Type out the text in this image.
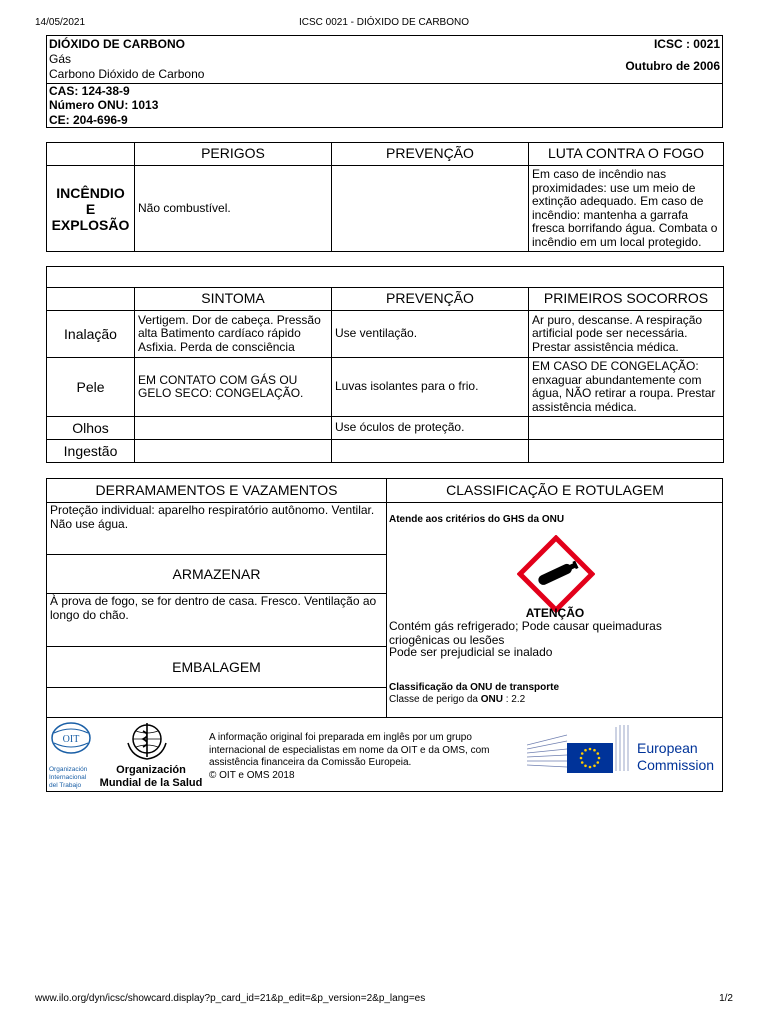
14/05/2021	ICSC 0021 - DIÓXIDO DE CARBONO
DIÓXIDO DE CARBONO
Gás
Carbono Dióxido de Carbono
ICSC : 0021
Outubro de 2006
CAS: 124-38-9
Número ONU: 1013
CE: 204-696-9
	PERIGOS	PREVENÇÃO	LUTA CONTRA O FOGO
INCÊNDIO E EXPLOSÃO	Não combustível.		Em caso de incêndio nas proximidades: use um meio de extinção adequado. Em caso de incêndio: mantenha a garrafa fresca borrifando água. Combata o incêndio em um local protegido.

	SINTOMA	PREVENÇÃO	PRIMEIROS SOCORROS
Inalação	Vertigem. Dor de cabeça. Pressão alta Batimento cardíaco rápido Asfixia. Perda de consciência	Use ventilação.	Ar puro, descanse. A respiração artificial pode ser necessária. Prestar assistência médica.
Pele	EM CONTATO COM GÁS OU GELO SECO: CONGELAÇÃO.	Luvas isolantes para o frio.	EM CASO DE CONGELAÇÃO: enxaguar abundantemente com água, NÃO retirar a roupa. Prestar assistência médica.
Olhos		Use óculos de proteção.	
Ingestão			
DERRAMAMENTOS E VAZAMENTOS
Proteção individual: aparelho respiratório autônomo. Ventilar. Não use água.
ARMAZENAR
À prova de fogo, se for dentro de casa. Fresco. Ventilação ao longo do chão.
EMBALAGEM
CLASSIFICAÇÃO E ROTULAGEM
Atende aos critérios do GHS da ONU
ATENÇÃO
Contém gás refrigerado; Pode causar queimaduras criogênicas ou lesões
Pode ser prejudicial se inalado
Classificação da ONU de transporte
Classe de perigo da ONU : 2.2
OIT
Organización
Internacional
del Trabajo
Organización
Mundial de la Salud
A informação original foi preparada em inglês por um grupo internacional de especialistas em nome da OIT e da OMS, com assistência financeira da Comissão Europeia.
© OIT e OMS 2018
European
Commission
www.ilo.org/dyn/icsc/showcard.display?p_card_id=21&p_edit=&p_version=2&p_lang=es	1/2
